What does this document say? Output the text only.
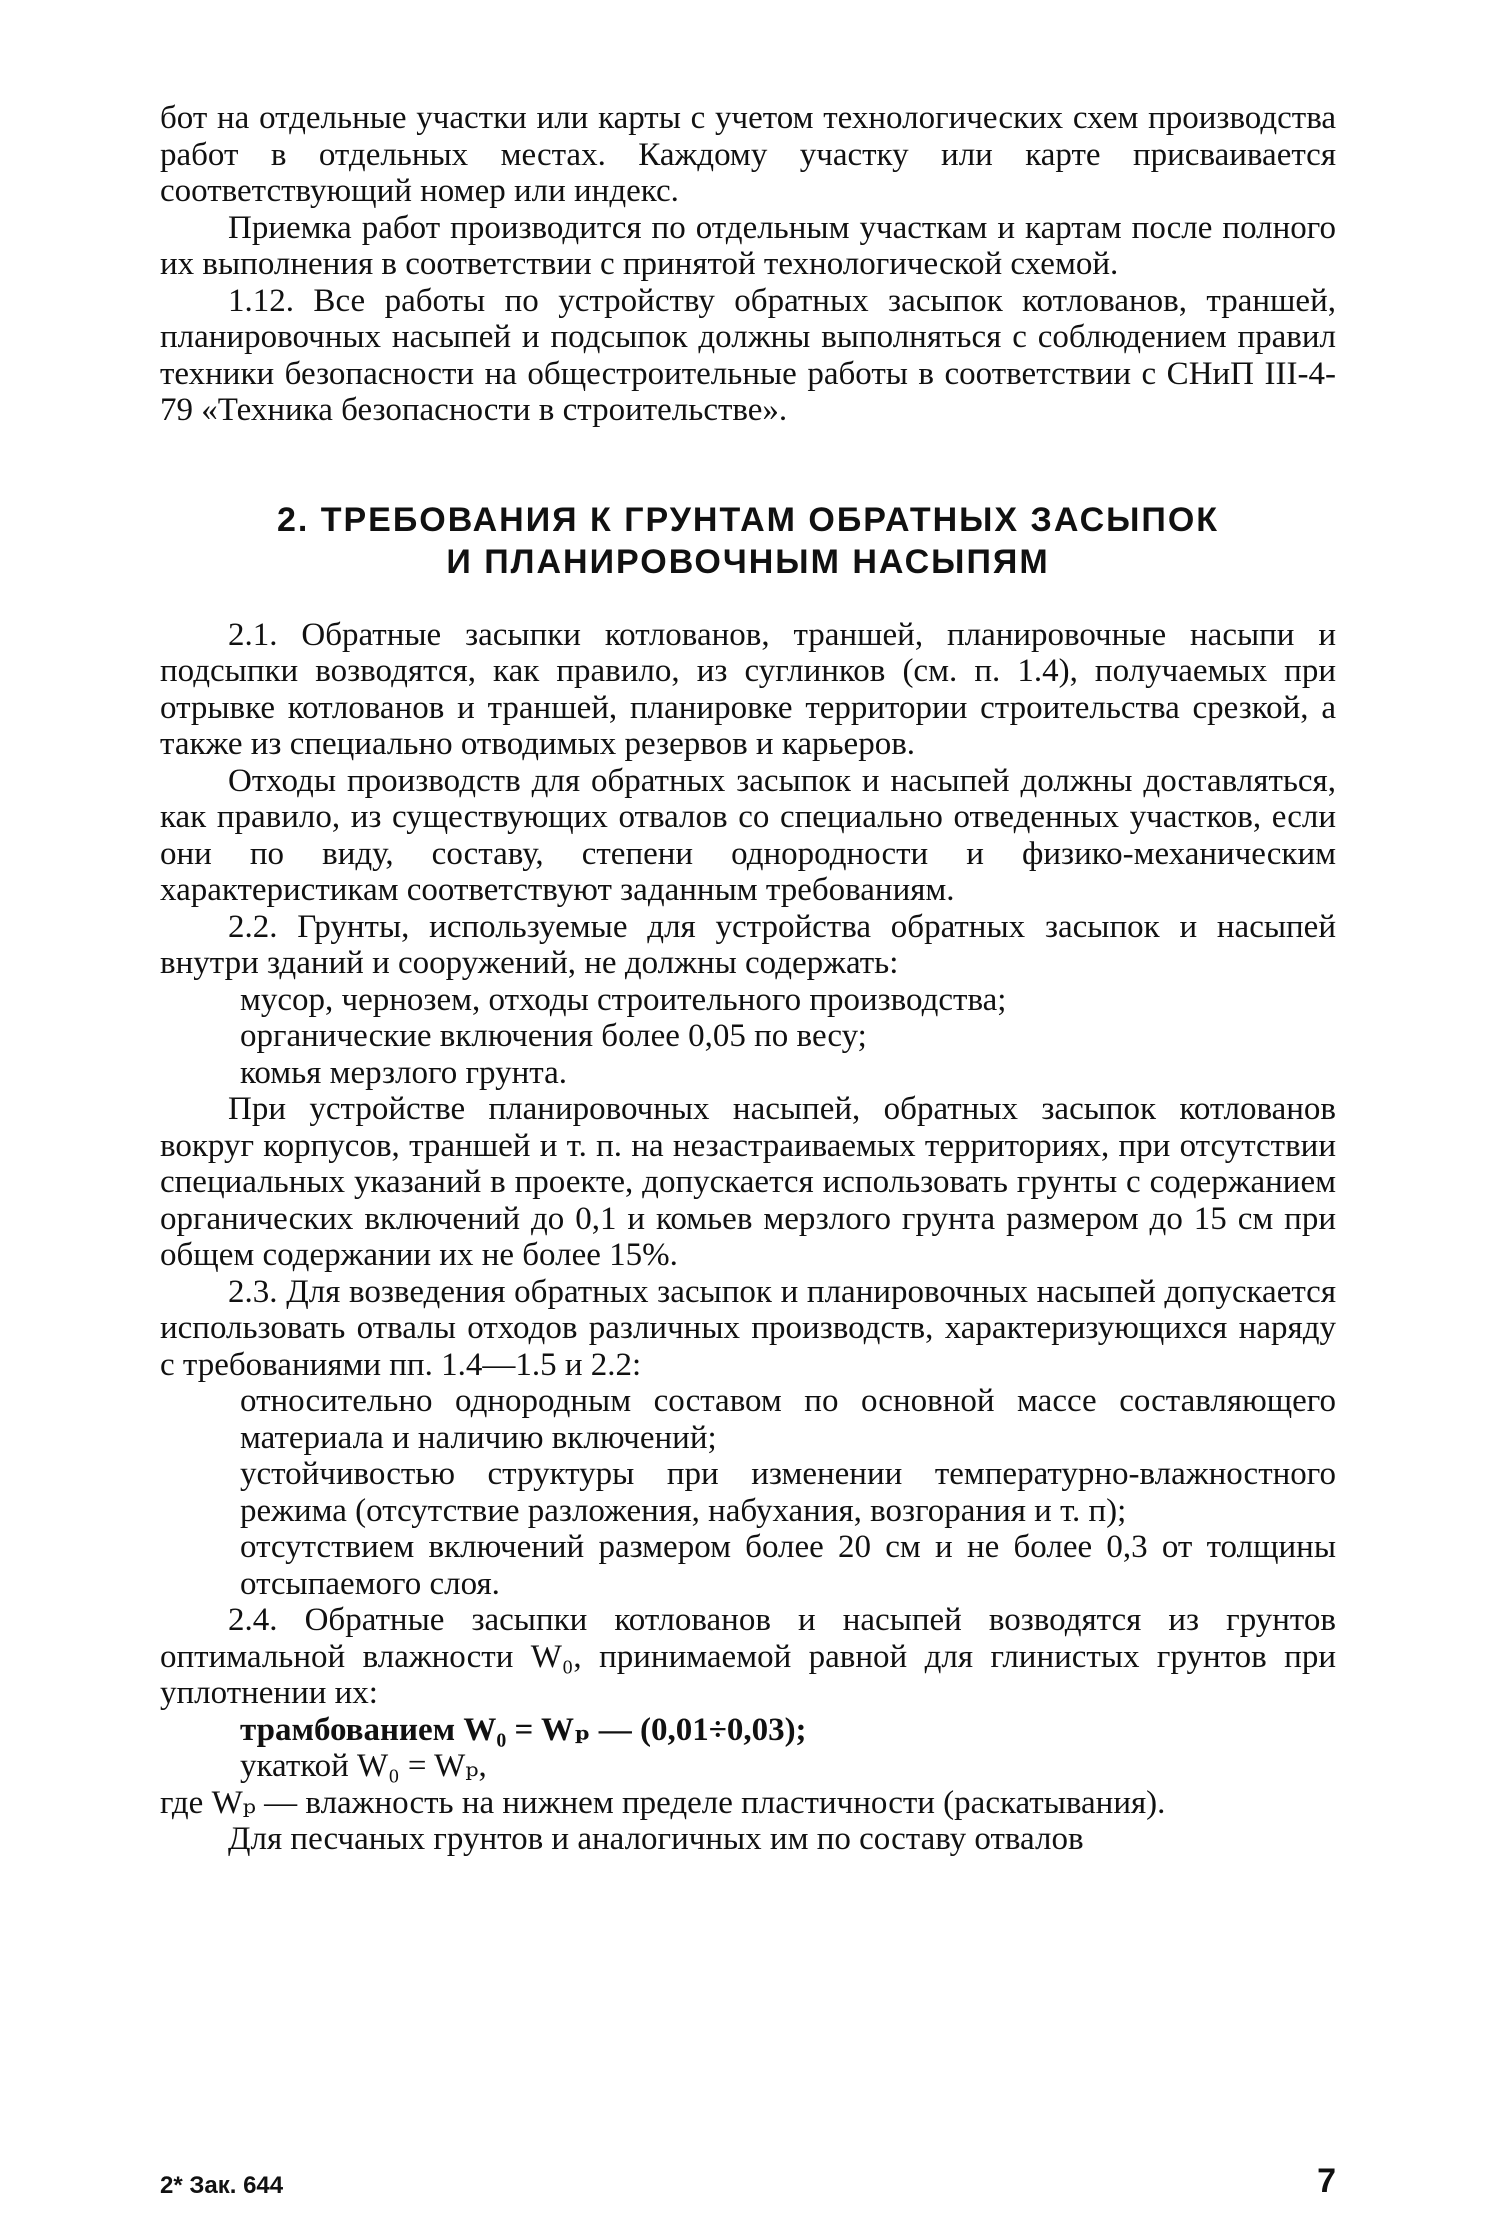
бот на отдельные участки или карты с учетом технологических схем производства работ в отдельных местах. Каждому участку или карте присваивается соответствующий номер или индекс.

Приемка работ производится по отдельным участкам и картам после полного их выполнения в соответствии с принятой технологической схемой.

1.12. Все работы по устройству обратных засыпок котлованов, траншей, планировочных насыпей и подсыпок должны выполняться с соблюдением правил техники безопасности на общестроительные работы в соответствии с СНиП III-4-79 «Техника безопасности в строительстве».

2. ТРЕБОВАНИЯ К ГРУНТАМ ОБРАТНЫХ ЗАСЫПОК
И ПЛАНИРОВОЧНЫМ НАСЫПЯМ

2.1. Обратные засыпки котлованов, траншей, планировочные насыпи и подсыпки возводятся, как правило, из суглинков (см. п. 1.4), получаемых при отрывке котлованов и траншей, планировке территории строительства срезкой, а также из специально отводимых резервов и карьеров.

Отходы производств для обратных засыпок и насыпей должны доставляться, как правило, из существующих отвалов со специально отведенных участков, если они по виду, составу, степени однородности и физико-механическим характеристикам соответствуют заданным требованиям.

2.2. Грунты, используемые для устройства обратных засыпок и насыпей внутри зданий и сооружений, не должны содержать:

мусор, чернозем, отходы строительного производства;

органические включения более 0,05 по весу;

комья мерзлого грунта.

При устройстве планировочных насыпей, обратных засыпок котлованов вокруг корпусов, траншей и т. п. на незастраиваемых территориях, при отсутствии специальных указаний в проекте, допускается использовать грунты с содержанием органических включений до 0,1 и комьев мерзлого грунта размером до 15 см при общем содержании их не более 15%.

2.3. Для возведения обратных засыпок и планировочных насыпей допускается использовать отвалы отходов различных производств, характеризующихся наряду с требованиями пп. 1.4—1.5 и 2.2:

относительно однородным составом по основной массе составляющего материала и наличию включений;

устойчивостью структуры при изменении температурно-влажностного режима (отсутствие разложения, набухания, возгорания и т. п);

отсутствием включений размером более 20 см и не более 0,3 от толщины отсыпаемого слоя.

2.4. Обратные засыпки котлованов и насыпей возводятся из грунтов оптимальной влажности W₀, принимаемой равной для глинистых грунтов при уплотнении их:

трамбованием W₀ = Wₚ — (0,01÷0,03);

укаткой W₀ = Wₚ,

где Wₚ — влажность на нижнем пределе пластичности (раскатывания).

Для песчаных грунтов и аналогичных им по составу отвалов

2* Зак. 644	7
